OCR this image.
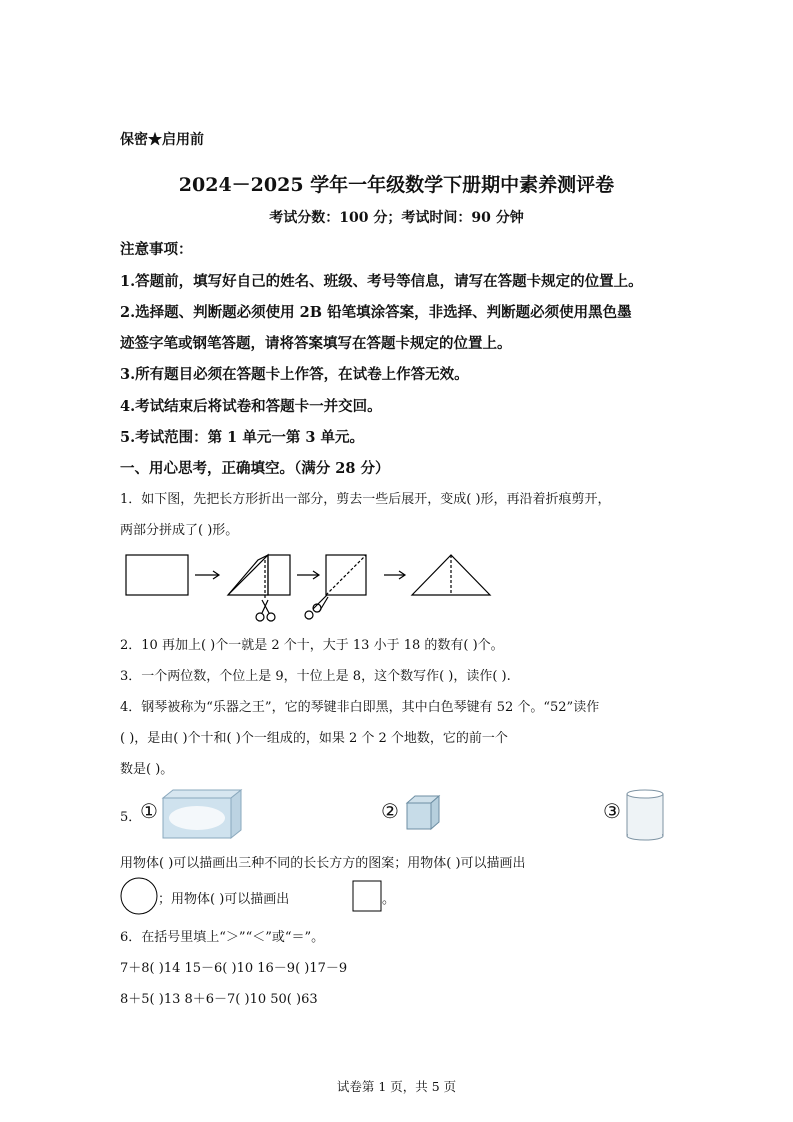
保密★启用前
2024－2025 学年一年级数学下册期中素养测评卷
考试分数：100 分；考试时间：90 分钟
注意事项：
1.答题前，填写好自己的姓名、班级、考号等信息，请写在答题卡规定的位置上。
2.选择题、判断题必须使用 2B 铅笔填涂答案，非选择、判断题必须使用黑色墨
迹签字笔或钢笔答题，请将答案填写在答题卡规定的位置上。
3.所有题目必须在答题卡上作答，在试卷上作答无效。
4.考试结束后将试卷和答题卡一并交回。
5.考试范围：第 1 单元一第 3 单元。
一、用心思考，正确填空。（满分 28 分）
1．如下图，先把长方形折出一部分，剪去一些后展开，变成( )形，再沿着折痕剪开，
两部分拼成了( )形。
2．10 再加上( )个一就是 2 个十，大于 13 小于 18 的数有( )个。
3．一个两位数，个位上是 9，十位上是 8，这个数写作( )，读作( ).
4．钢琴被称为“乐器之王”，它的琴键非白即黑，其中白色琴键有 52 个。“52”读作
( )，是由( )个十和( )个一组成的，如果 2 个 2 个地数，它的前一个
数是( )。
5．
①	②	③
用物体( )可以描画出三种不同的长长方方的图案；用物体( )可以描画出
；用物体( )可以描画出	。
6．在括号里填上“＞”“＜”或“＝”。
7＋8( )14 15－6( )10 16－9( )17－9
8＋5( )13 8＋6－7( )10 50( )63
试卷第 1 页，共 5 页
